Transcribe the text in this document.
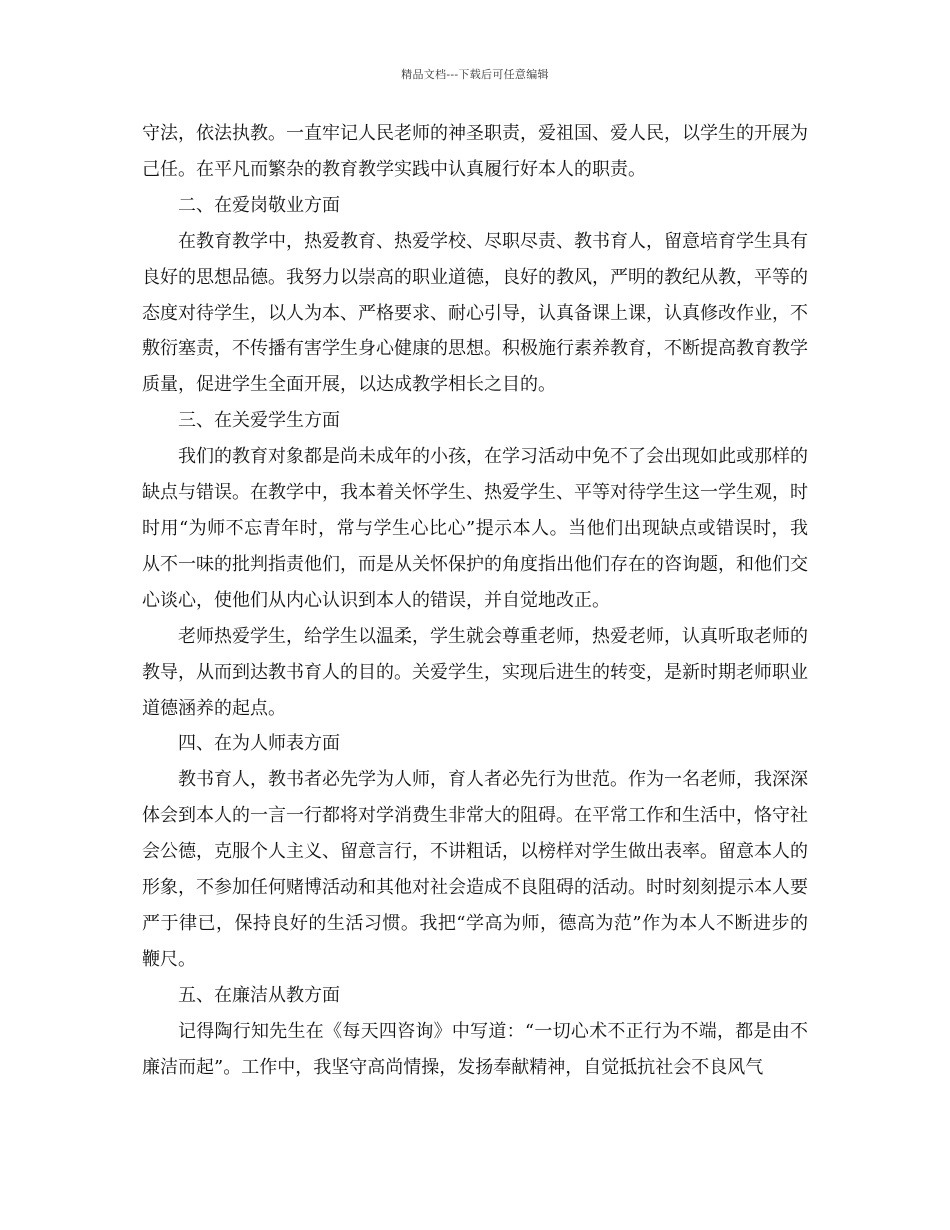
精品文档---下载后可任意编辑

守法，依法执教。一直牢记人民老师的神圣职责，爱祖国、爱人民，以学生的开展为己任。在平凡而繁杂的教育教学实践中认真履行好本人的职责。

二、在爱岗敬业方面

在教育教学中，热爱教育、热爱学校、尽职尽责、教书育人，留意培育学生具有良好的思想品德。我努力以崇高的职业道德，良好的教风，严明的教纪从教，平等的态度对待学生，以人为本、严格要求、耐心引导，认真备课上课，认真修改作业，不敷衍塞责，不传播有害学生身心健康的思想。积极施行素养教育，不断提高教育教学质量，促进学生全面开展，以达成教学相长之目的。

三、在关爱学生方面

我们的教育对象都是尚未成年的小孩，在学习活动中免不了会出现如此或那样的缺点与错误。在教学中，我本着关怀学生、热爱学生、平等对待学生这一学生观，时时用“为师不忘青年时，常与学生心比心”提示本人。当他们出现缺点或错误时，我从不一味的批判指责他们，而是从关怀保护的角度指出他们存在的咨询题，和他们交心谈心，使他们从内心认识到本人的错误，并自觉地改正。

老师热爱学生，给学生以温柔，学生就会尊重老师，热爱老师，认真听取老师的教导，从而到达教书育人的目的。关爱学生，实现后进生的转变，是新时期老师职业道德涵养的起点。

四、在为人师表方面

教书育人，教书者必先学为人师，育人者必先行为世范。作为一名老师，我深深体会到本人的一言一行都将对学消费生非常大的阻碍。在平常工作和生活中，恪守社会公德，克服个人主义、留意言行，不讲粗话，以榜样对学生做出表率。留意本人的形象，不参加任何赌博活动和其他对社会造成不良阻碍的活动。时时刻刻提示本人要严于律已，保持良好的生活习惯。我把“学高为师，德高为范”作为本人不断进步的鞭尺。

五、在廉洁从教方面

记得陶行知先生在《每天四咨询》中写道：“一切心术不正行为不端，都是由不廉洁而起”。工作中，我坚守高尚情操，发扬奉献精神，自觉抵抗社会不良风气
